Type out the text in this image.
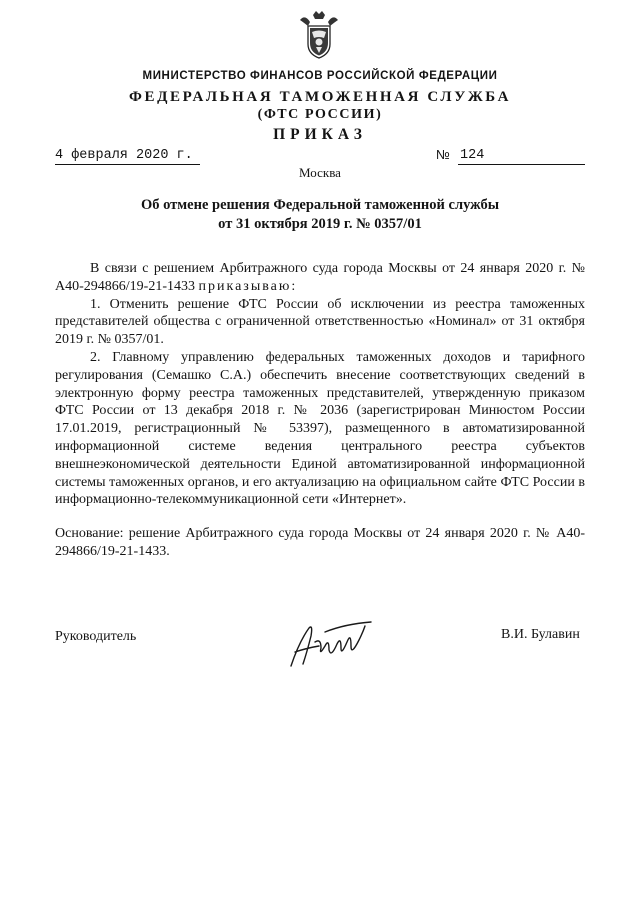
МИНИСТЕРСТВО ФИНАНСОВ РОССИЙСКОЙ ФЕДЕРАЦИИ
ФЕДЕРАЛЬНАЯ ТАМОЖЕННАЯ СЛУЖБА
(ФТС РОССИИ)
ПРИКАЗ
4 февраля 2020 г.	№ 124
Москва
Об отмене решения Федеральной таможенной службы
от 31 октября 2019 г. № 0357/01

В связи с решением Арбитражного суда города Москвы от 24 января 2020 г. № А40-294866/19-21-1433 приказываю:

1. Отменить решение ФТС России об исключении из реестра таможенных представителей общества с ограниченной ответственностью «Номинал» от 31 октября 2019 г. № 0357/01.

2. Главному управлению федеральных таможенных доходов и тарифного регулирования (Семашко С.А.) обеспечить внесение соответствующих сведений в электронную форму реестра таможенных представителей, утвержденную приказом ФТС России от 13 декабря 2018 г. № 2036 (зарегистрирован Минюстом России 17.01.2019, регистрационный № 53397), размещенного в автоматизированной информационной системе ведения центрального реестра субъектов внешнеэкономической деятельности Единой автоматизированной информационной системы таможенных органов, и его актуализацию на официальном сайте ФТС России в информационно-телекоммуникационной сети «Интернет».

Основание: решение Арбитражного суда города Москвы от 24 января 2020 г. № А40-294866/19-21-1433.

Руководитель	В.И. Булавин
